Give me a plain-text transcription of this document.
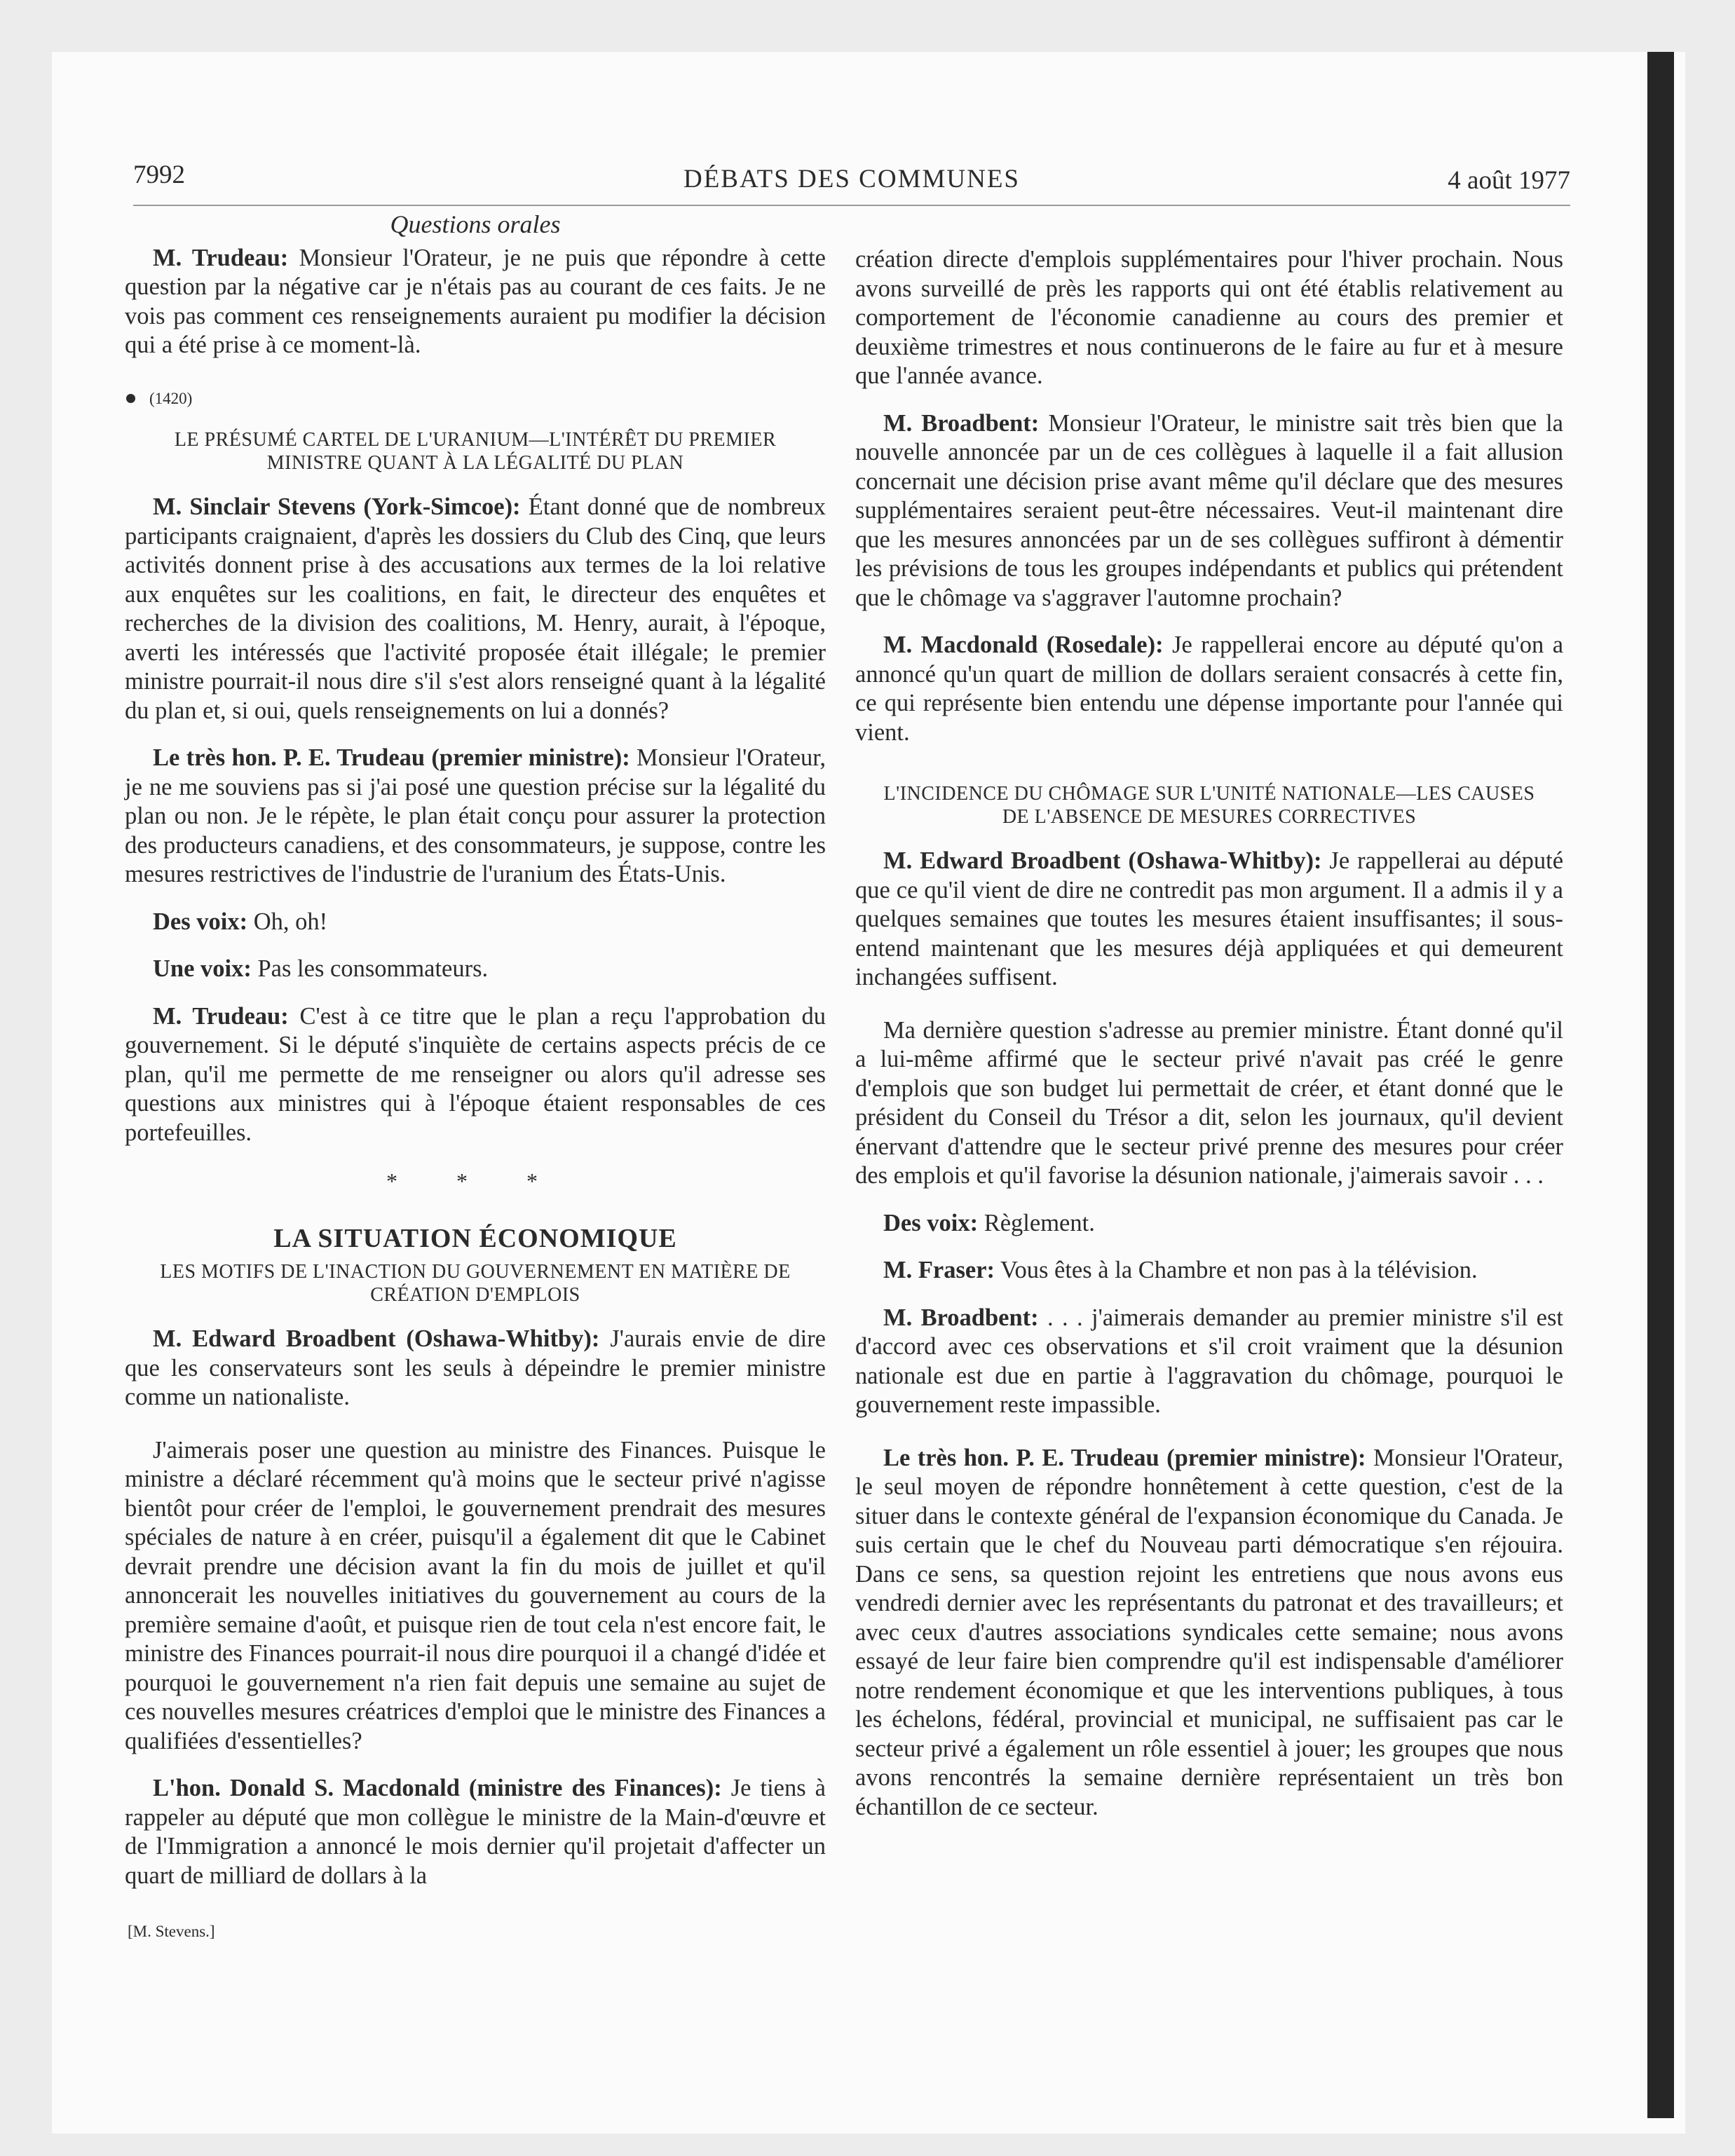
7992	DÉBATS DES COMMUNES	4 août 1977
Questions orales

M. Trudeau: Monsieur l'Orateur, je ne puis que répondre à cette question par la négative car je n'étais pas au courant de ces faits. Je ne vois pas comment ces renseignements auraient pu modifier la décision qui a été prise à ce moment-là.

(1420)
LE PRÉSUMÉ CARTEL DE L'URANIUM—L'INTÉRÊT DU PREMIER MINISTRE QUANT À LA LÉGALITÉ DU PLAN

M. Sinclair Stevens (York-Simcoe): Étant donné que de nombreux participants craignaient, d'après les dossiers du Club des Cinq, que leurs activités donnent prise à des accusations aux termes de la loi relative aux enquêtes sur les coalitions, en fait, le directeur des enquêtes et recherches de la division des coalitions, M. Henry, aurait, à l'époque, averti les intéressés que l'activité proposée était illégale; le premier ministre pourrait-il nous dire s'il s'est alors renseigné quant à la légalité du plan et, si oui, quels renseignements on lui a donnés?

Le très hon. P. E. Trudeau (premier ministre): Monsieur l'Orateur, je ne me souviens pas si j'ai posé une question précise sur la légalité du plan ou non. Je le répète, le plan était conçu pour assurer la protection des producteurs canadiens, et des consommateurs, je suppose, contre les mesures restrictives de l'industrie de l'uranium des États-Unis.

Des voix: Oh, oh!

Une voix: Pas les consommateurs.

M. Trudeau: C'est à ce titre que le plan a reçu l'approbation du gouvernement. Si le député s'inquiète de certains aspects précis de ce plan, qu'il me permette de me renseigner ou alors qu'il adresse ses questions aux ministres qui à l'époque étaient responsables de ces portefeuilles.

* * *
LA SITUATION ÉCONOMIQUE
LES MOTIFS DE L'INACTION DU GOUVERNEMENT EN MATIÈRE DE CRÉATION D'EMPLOIS

M. Edward Broadbent (Oshawa-Whitby): J'aurais envie de dire que les conservateurs sont les seuls à dépeindre le premier ministre comme un nationaliste.

J'aimerais poser une question au ministre des Finances. Puisque le ministre a déclaré récemment qu'à moins que le secteur privé n'agisse bientôt pour créer de l'emploi, le gouvernement prendrait des mesures spéciales de nature à en créer, puisqu'il a également dit que le Cabinet devrait prendre une décision avant la fin du mois de juillet et qu'il annoncerait les nouvelles initiatives du gouvernement au cours de la première semaine d'août, et puisque rien de tout cela n'est encore fait, le ministre des Finances pourrait-il nous dire pourquoi il a changé d'idée et pourquoi le gouvernement n'a rien fait depuis une semaine au sujet de ces nouvelles mesures créatrices d'emploi que le ministre des Finances a qualifiées d'essentielles?

L'hon. Donald S. Macdonald (ministre des Finances): Je tiens à rappeler au député que mon collègue le ministre de la Main-d'œuvre et de l'Immigration a annoncé le mois dernier qu'il projetait d'affecter un quart de milliard de dollars à la

[M. Stevens.]

création directe d'emplois supplémentaires pour l'hiver prochain. Nous avons surveillé de près les rapports qui ont été établis relativement au comportement de l'économie canadienne au cours des premier et deuxième trimestres et nous continuerons de le faire au fur et à mesure que l'année avance.

M. Broadbent: Monsieur l'Orateur, le ministre sait très bien que la nouvelle annoncée par un de ces collègues à laquelle il a fait allusion concernait une décision prise avant même qu'il déclare que des mesures supplémentaires seraient peut-être nécessaires. Veut-il maintenant dire que les mesures annoncées par un de ses collègues suffiront à démentir les prévisions de tous les groupes indépendants et publics qui prétendent que le chômage va s'aggraver l'automne prochain?

M. Macdonald (Rosedale): Je rappellerai encore au député qu'on a annoncé qu'un quart de million de dollars seraient consacrés à cette fin, ce qui représente bien entendu une dépense importante pour l'année qui vient.

L'INCIDENCE DU CHÔMAGE SUR L'UNITÉ NATIONALE—LES CAUSES DE L'ABSENCE DE MESURES CORRECTIVES

M. Edward Broadbent (Oshawa-Whitby): Je rappellerai au député que ce qu'il vient de dire ne contredit pas mon argument. Il a admis il y a quelques semaines que toutes les mesures étaient insuffisantes; il sous-entend maintenant que les mesures déjà appliquées et qui demeurent inchangées suffisent.

Ma dernière question s'adresse au premier ministre. Étant donné qu'il a lui-même affirmé que le secteur privé n'avait pas créé le genre d'emplois que son budget lui permettait de créer, et étant donné que le président du Conseil du Trésor a dit, selon les journaux, qu'il devient énervant d'attendre que le secteur privé prenne des mesures pour créer des emplois et qu'il favorise la désunion nationale, j'aimerais savoir . . .

Des voix: Règlement.

M. Fraser: Vous êtes à la Chambre et non pas à la télévision.

M. Broadbent: . . . j'aimerais demander au premier ministre s'il est d'accord avec ces observations et s'il croit vraiment que la désunion nationale est due en partie à l'aggravation du chômage, pourquoi le gouvernement reste impassible.

Le très hon. P. E. Trudeau (premier ministre): Monsieur l'Orateur, le seul moyen de répondre honnêtement à cette question, c'est de la situer dans le contexte général de l'expansion économique du Canada. Je suis certain que le chef du Nouveau parti démocratique s'en réjouira. Dans ce sens, sa question rejoint les entretiens que nous avons eus vendredi dernier avec les représentants du patronat et des travailleurs; et avec ceux d'autres associations syndicales cette semaine; nous avons essayé de leur faire bien comprendre qu'il est indispensable d'améliorer notre rendement économique et que les interventions publiques, à tous les échelons, fédéral, provincial et municipal, ne suffisaient pas car le secteur privé a également un rôle essentiel à jouer; les groupes que nous avons rencontrés la semaine dernière représentaient un très bon échantillon de ce secteur.
